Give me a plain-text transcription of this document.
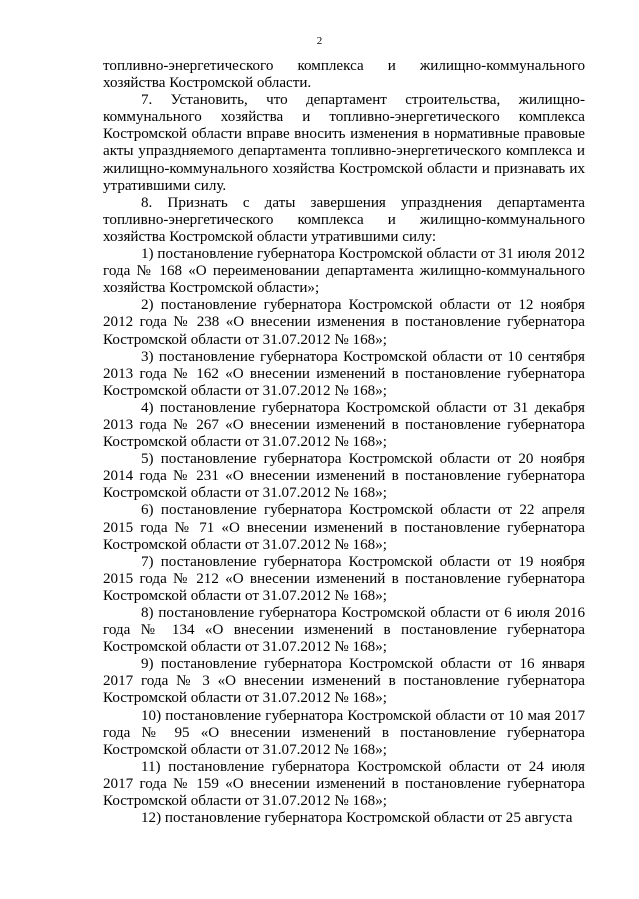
2

топливно-энергетического комплекса и жилищно-коммунального хозяйства Костромской области.

7. Установить, что департамент строительства, жилищно-коммунального хозяйства и топливно-энергетического комплекса Костромской области вправе вносить изменения в нормативные правовые акты упраздняемого департамента топливно-энергетического комплекса и жилищно-коммунального хозяйства Костромской области и признавать их утратившими силу.

8. Признать с даты завершения упразднения департамента топливно-энергетического комплекса и жилищно-коммунального хозяйства Костромской области утратившими силу:

1) постановление губернатора Костромской области от 31 июля 2012 года № 168 «О переименовании департамента жилищно-коммунального хозяйства Костромской области»;

2) постановление губернатора Костромской области от 12 ноября 2012 года № 238 «О внесении изменения в постановление губернатора Костромской области от 31.07.2012 № 168»;

3) постановление губернатора Костромской области от 10 сентября 2013 года № 162 «О внесении изменений в постановление губернатора Костромской области от 31.07.2012 № 168»;

4) постановление губернатора Костромской области от 31 декабря 2013 года № 267 «О внесении изменений в постановление губернатора Костромской области от 31.07.2012 № 168»;

5) постановление губернатора Костромской области от 20 ноября 2014 года № 231 «О внесении изменений в постановление губернатора Костромской области от 31.07.2012 № 168»;

6) постановление губернатора Костромской области от 22 апреля 2015 года № 71 «О внесении изменений в постановление губернатора Костромской области от 31.07.2012 № 168»;

7) постановление губернатора Костромской области от 19 ноября 2015 года № 212 «О внесении изменений в постановление губернатора Костромской области от 31.07.2012 № 168»;

8) постановление губернатора Костромской области от 6 июля 2016 года № 134 «О внесении изменений в постановление губернатора Костромской области от 31.07.2012 № 168»;

9) постановление губернатора Костромской области от 16 января 2017 года № 3 «О внесении изменений в постановление губернатора Костромской области от 31.07.2012 № 168»;

10) постановление губернатора Костромской области от 10 мая 2017 года № 95 «О внесении изменений в постановление губернатора Костромской области от 31.07.2012 № 168»;

11) постановление губернатора Костромской области от 24 июля 2017 года № 159 «О внесении изменений в постановление губернатора Костромской области от 31.07.2012 № 168»;

12) постановление губернатора Костромской области от 25 августа
